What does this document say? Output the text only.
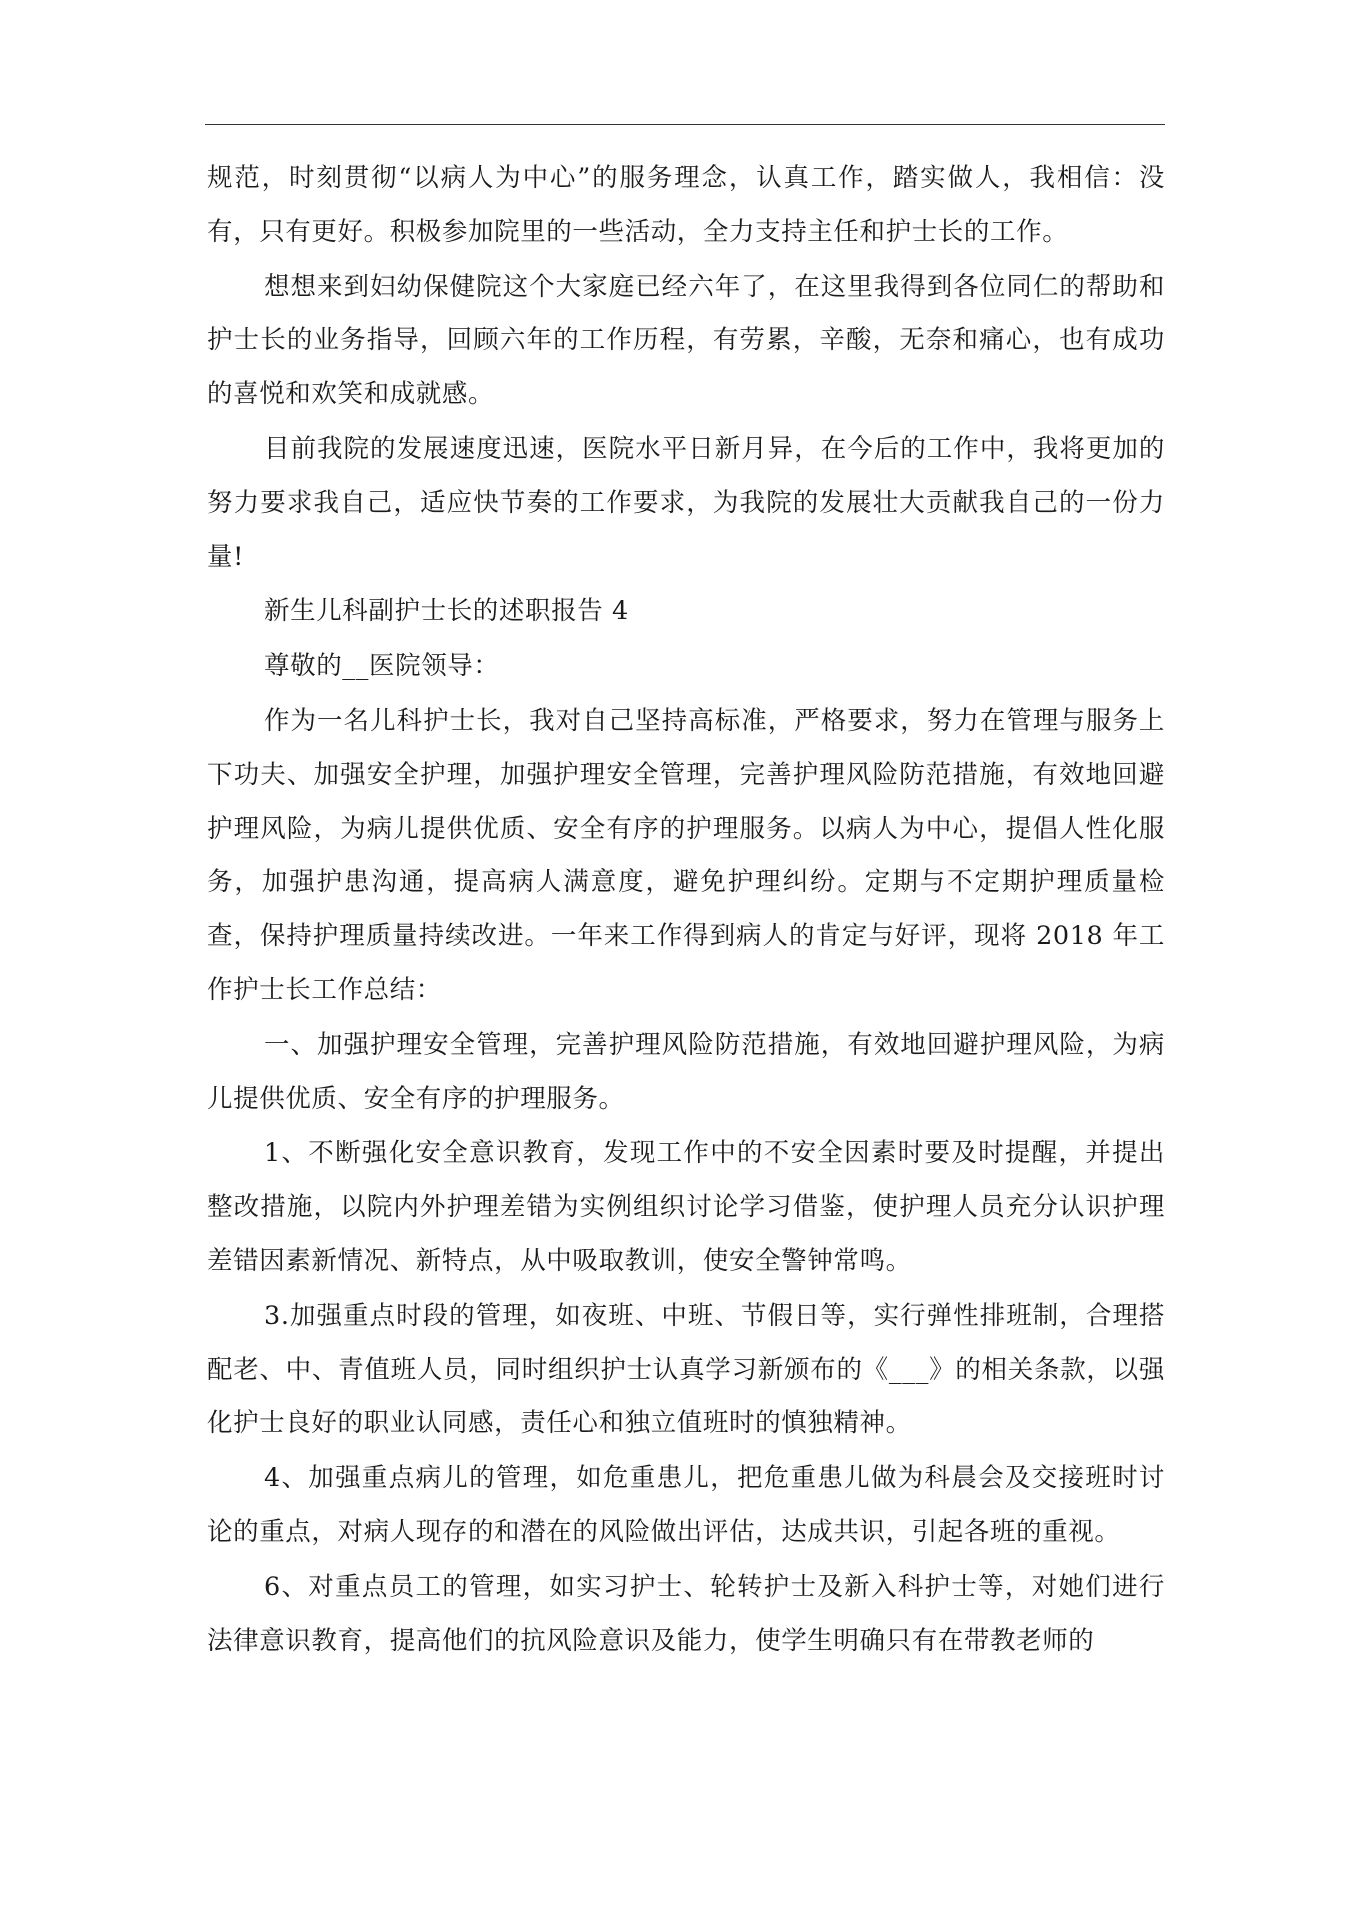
规范，时刻贯彻“以病人为中心”的服务理念，认真工作，踏实做人，我相信：没有，只有更好。积极参加院里的一些活动，全力支持主任和护士长的工作。

想想来到妇幼保健院这个大家庭已经六年了，在这里我得到各位同仁的帮助和护士长的业务指导，回顾六年的工作历程，有劳累，辛酸，无奈和痛心，也有成功的喜悦和欢笑和成就感。

目前我院的发展速度迅速，医院水平日新月异，在今后的工作中，我将更加的努力要求我自己，适应快节奏的工作要求，为我院的发展壮大贡献我自己的一份力量!

新生儿科副护士长的述职报告 4

尊敬的__医院领导：

作为一名儿科护士长，我对自己坚持高标准，严格要求，努力在管理与服务上下功夫、加强安全护理，加强护理安全管理，完善护理风险防范措施，有效地回避护理风险，为病儿提供优质、安全有序的护理服务。以病人为中心，提倡人性化服务，加强护患沟通，提高病人满意度，避免护理纠纷。定期与不定期护理质量检查，保持护理质量持续改进。一年来工作得到病人的肯定与好评，现将 2018 年工作护士长工作总结：

一、加强护理安全管理，完善护理风险防范措施，有效地回避护理风险，为病儿提供优质、安全有序的护理服务。

1、不断强化安全意识教育，发现工作中的不安全因素时要及时提醒，并提出整改措施，以院内外护理差错为实例组织讨论学习借鉴，使护理人员充分认识护理差错因素新情况、新特点，从中吸取教训，使安全警钟常鸣。

3.加强重点时段的管理，如夜班、中班、节假日等，实行弹性排班制，合理搭配老、中、青值班人员，同时组织护士认真学习新颁布的《___》的相关条款，以强化护士良好的职业认同感，责任心和独立值班时的慎独精神。

4、加强重点病儿的管理，如危重患儿，把危重患儿做为科晨会及交接班时讨论的重点，对病人现存的和潜在的风险做出评估，达成共识，引起各班的重视。

6、对重点员工的管理，如实习护士、轮转护士及新入科护士等，对她们进行法律意识教育，提高他们的抗风险意识及能力，使学生明确只有在带教老师的
